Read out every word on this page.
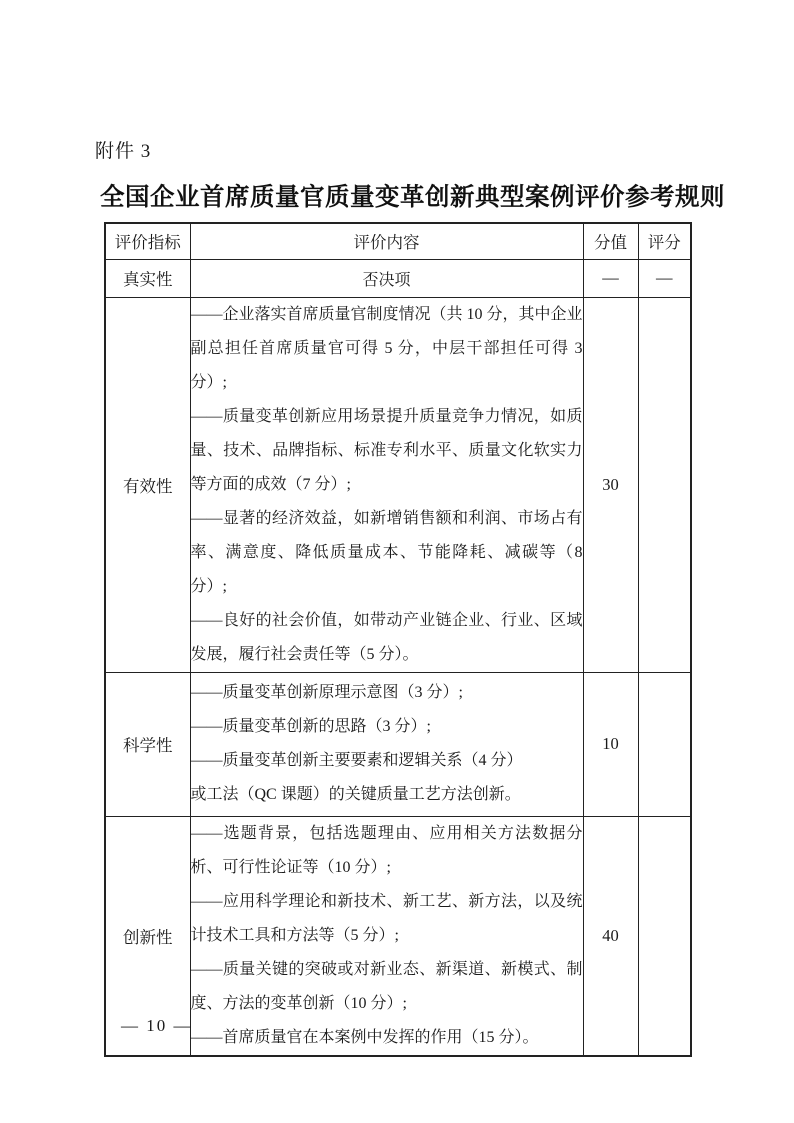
附件 3
全国企业首席质量官质量变革创新典型案例评价参考规则
评价指标	评价内容	分值	评分
真实性	否决项	—	—
有效性	——企业落实首席质量官制度情况（共 10 分，其中企业副总担任首席质量官可得 5 分，中层干部担任可得 3 分）;

——质量变革创新应用场景提升质量竞争力情况，如质量、技术、品牌指标、标准专利水平、质量文化软实力等方面的成效（7 分）;

——显著的经济效益，如新增销售额和利润、市场占有率、满意度、降低质量成本、节能降耗、减碳等（8 分）;

——良好的社会价值，如带动产业链企业、行业、区域发展，履行社会责任等（5 分）。	30	
科学性	——质量变革创新原理示意图（3 分）;

——质量变革创新的思路（3 分）;

——质量变革创新主要要素和逻辑关系（4 分）

或工法（QC 课题）的关键质量工艺方法创新。	10	
创新性	——选题背景，包括选题理由、应用相关方法数据分析、可行性论证等（10 分）;

——应用科学理论和新技术、新工艺、新方法，以及统计技术工具和方法等（5 分）;

——质量关键的突破或对新业态、新渠道、新模式、制度、方法的变革创新（10 分）;

——首席质量官在本案例中发挥的作用（15 分）。	40	
— 10 —
